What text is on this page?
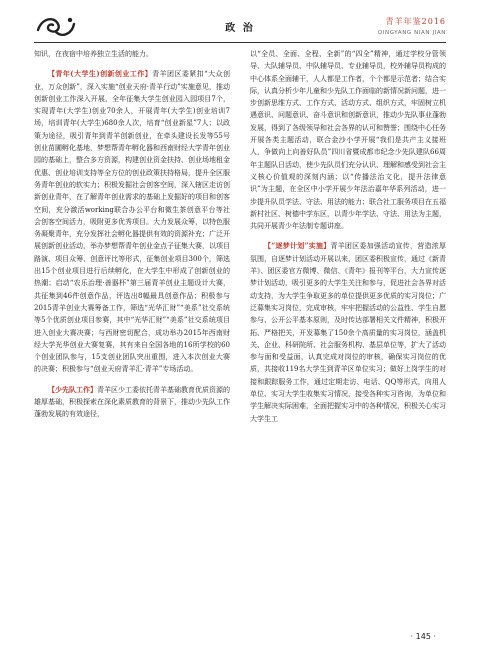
政 治
青羊年鉴2016
QINGYANG NIAN JIAN

知识，在夜宿中培养独立生活的能力。

【青年(大学生)创新创业工作】青羊团区委紧扣“大众创业，万众创新”，深入实施“创业天府·青羊行动”实施意见，推动创新创业工作深入开展，全年征集大学生创业园入园项目7个，实现青年(大学生)创业70余人，开展青年(大学生)创业培训7场，培训青年(大学生)680余人次，培育“创业新星”7人；以政策为途径，吸引青年到青羊创新创业，在牵头建设长发等55号创业苗圃孵化基地，梦想帮青年孵化器和西南财经大学青年创业园的基础上，整合多方资源，构建创业资金扶持、创业场地租金优惠、创业培训支持等全方位的创业政策扶持格局，提升全区服务青年创业的软实力；积极发掘社会创客空间，深入辖区走访创新创业青年，在了解青年创业需求的基础上发掘好的项目和创客空间，充分激活working联合办公平台和微生茶创意平台等社会创客空间活力，吸附更多优秀项目。大力发展众筹，以特色服务凝聚青年，充分发挥社会孵化器提供有效的资源补充；广泛开展创新创业活动，举办梦想帮青年创业金点子征集大赛，以项目路演、项目众筹、创意评比等形式，征集创业项目300个，筛选出15个创业项目进行后续孵化，在大学生中形成了创新创业的热潮；启动“农乐治理·善器杯”第三届青羊创业主题设计大赛，共征集到46件创意作品，评选出8幅最具创意作品；积极参与2015青羊创业大赛筹备工作，筛选“光华汇财”“美系”社交系统等5个优质创业项目参赛，其中“光华汇财”“美系”社交系统项目进入创业大赛决赛；与西财密切配合，成功举办2015年西南财经大学光华创业大赛复赛，其有来自全国各地的16所学校的60个创业团队参与，15支创业团队突出重围，进入本次创业大赛的决赛；积极参与“创业天府青羊汇·青羊”专场活动。

【少先队工作】青羊区少工委依托青羊基础教育优质资源的雄厚基础，积极探索在深化素质教育的背景下，推动少先队工作蓬勃发展的有效途径，

以“全员、全面、全程、全新”的“四全”精神，通过学校分管领导、大队辅导员、中队辅导员、专业辅导员，校外辅导员构成的中心体系全面辅干，人人都是工作者，个个都是示范者；结合实际，认真分析少年儿童和少先队工作面临的新情况新问题，进一步创新思维方式、工作方式、活动方式、组织方式，牢固树立机遇意识、问题意识、奋斗意识和创新意识，推动少先队事业蓬勃发展，得到了各级领导和社会各界的认可和赞誉；围绕中心任务开展各类主题活动，联合金沙小学开展“我们是共产主义接班人，争做向上向善好队员”四川省暨成都市纪念少先队建队66周年主题队日活动，使少先队员们充分认识、理解和感受到社会主义核心价值观的深刻内涵；以“传播法治文化，提升法律意识”为主题，在全区中小学开展少年法治嘉年华系列活动，进一步提升队员学法、守法、用法的能力；联合社工服务项目在五福新村社区、树德中学东区，以青少年学法、守法、用法为主题，共同开展青少年法制专题讲座。

【“逐梦计划”实施】青羊团区委加强活动宣传，营造浓厚氛围，自逐梦计划活动开展以来，团区委积极宣传，通过《新青羊》、团区委官方微博、微信、《青年》报刊等平台，大力宣传逐梦计划活动，吸引更多的大学生关注和参与，促进社会各界对活动支持，为大学生争取更多的单位提供更多优质的实习岗位；广泛募集实习岗位，完成审核，牢牢把握活动的公益性、学生自愿参与、公开公平基本原则，及时传达部署相关文件精神，积极开拓、严格把关，开发募集了150余个高质量的实习岗位，涵盖机关、企业、科研院所、社会服务机构、基层单位等，扩大了活动参与面和受益面，认真完成对岗位的审核，确保实习岗位的优质，共接收119名大学生到青羊区单位实习；做好上岗学生的对接和跟踪服务工作，通过定期走访、电话、QQ等形式，向用人单位、实习大学生收集实习情况，接受各种实习咨询，为单位和学生解决实际困难，全面把握实习中的各种情况，积极关心实习大学生工

· 145 ·
